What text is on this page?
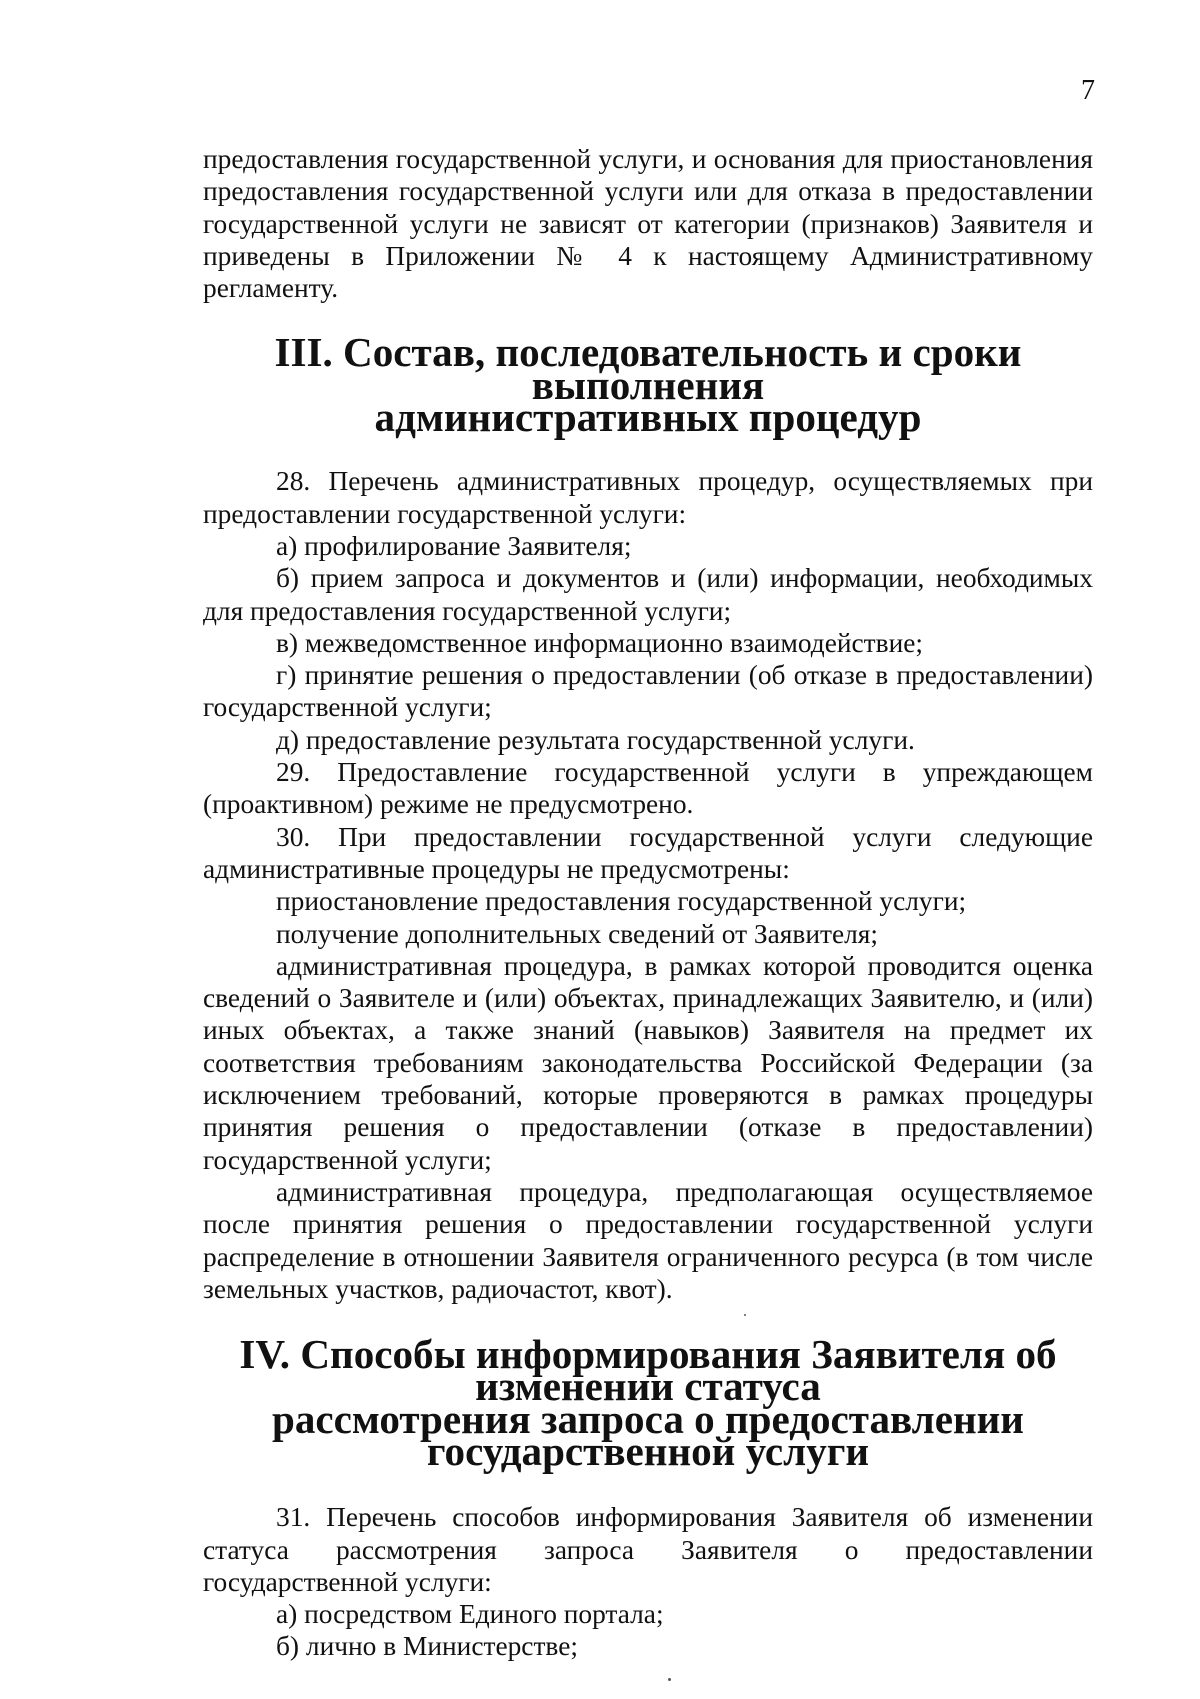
7

предоставления государственной услуги, и основания для приостановления предоставления государственной услуги или для отказа в предоставлении государственной услуги не зависят от категории (признаков) Заявителя и приведены в Приложении № 4 к настоящему Административному регламенту.

III. Состав, последовательность и сроки выполнения
административных процедур

28. Перечень административных процедур, осуществляемых при предоставлении государственной услуги:

а) профилирование Заявителя;

б) прием запроса и документов и (или) информации, необходимых для предоставления государственной услуги;

в) межведомственное информационно взаимодействие;

г) принятие решения о предоставлении (об отказе в предоставлении) государственной услуги;

д) предоставление результата государственной услуги.

29. Предоставление государственной услуги в упреждающем (проактивном) режиме не предусмотрено.

30. При предоставлении государственной услуги следующие административные процедуры не предусмотрены:

приостановление предоставления государственной услуги;

получение дополнительных сведений от Заявителя;

административная процедура, в рамках которой проводится оценка сведений о Заявителе и (или) объектах, принадлежащих Заявителю, и (или) иных объектах, а также знаний (навыков) Заявителя на предмет их соответствия требованиям законодательства Российской Федерации (за исключением требований, которые проверяются в рамках процедуры принятия решения о предоставлении (отказе в предоставлении) государственной услуги;

административная процедура, предполагающая осуществляемое после принятия решения о предоставлении государственной услуги распределение в отношении Заявителя ограниченного ресурса (в том числе земельных участков, радиочастот, квот).

IV. Способы информирования Заявителя об изменении статуса
рассмотрения запроса о предоставлении государственной услуги

31. Перечень способов информирования Заявителя об изменении статуса рассмотрения запроса Заявителя о предоставлении государственной услуги:

а) посредством Единого портала;

б) лично в Министерстве;
